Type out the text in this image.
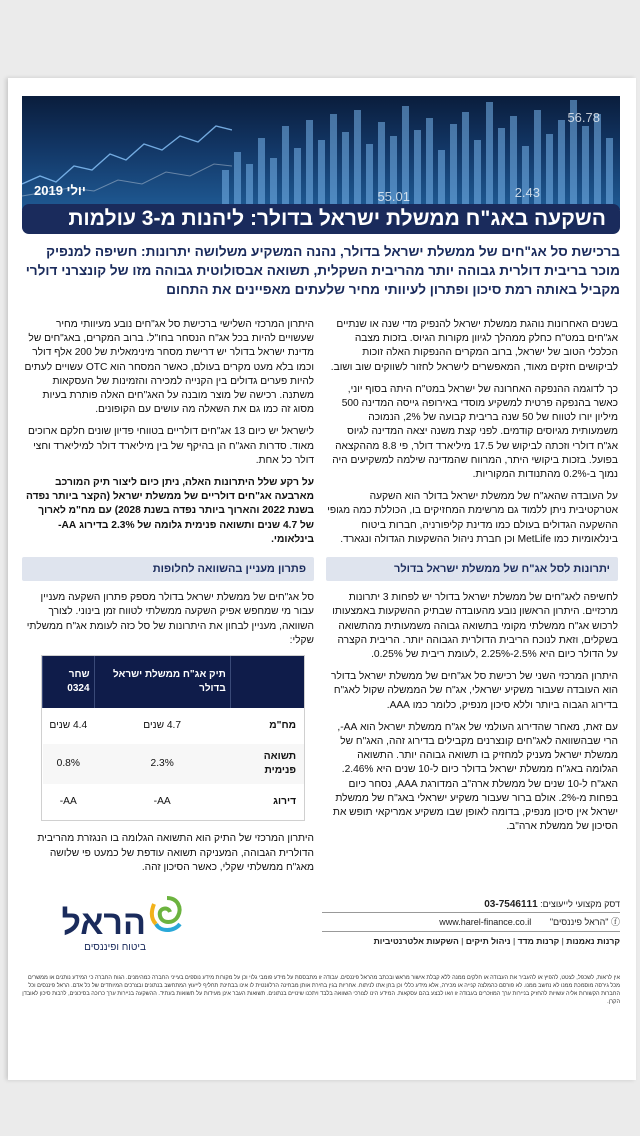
55.01	2.43
56.78
יולי 2019
השקעה באג"ח ממשלת ישראל בדולר: ליהנות מ-3 עולמות
ברכישת סל אג"חים של ממשלת ישראל בדולר, נהנה המשקיע משלושה יתרונות: חשיפה למנפיק מוכר בריבית דולרית גבוהה יותר מהריבית השקלית, תשואה אבסולוטית גבוהה מזו של קונצרני דולרי מקביל באותה רמת סיכון ופתרון לעיוותי מחיר שלעתים מאפיינים את התחום

בשנים האחרונות נוהגת ממשלת ישראל להנפיק מדי שנה או שנתיים אג"חים במט"ח כחלק ממהלך לגיוון מקורות הגיוס. בזכות מצבה הכלכלי הטוב של ישראל, ברוב המקרים ההנפקות האלה זוכות לביקושים חזקים מאוד, המאפשרים לישראל לחזור לשווקים שוב ושוב.

כך לדוגמה ההנפקה האחרונה של ישראל במט"ח היתה בסוף יוני, כאשר בהנפקה פרטית למשקיע מוסדי באירופה גייסה המדינה 500 מיליון יורו לטווח של 50 שנה בריבית קבועה של 2%, הנמוכה משמעותית מגיוסים קודמים. לפני קצת משנה יצאה המדינה לגיוס אג"ח דולרי וזכתה לביקוש של 17.5 מיליארד דולר, פי 8.8 מההקצאה בפועל. בזכות ביקושי היתר, המרווח שהמדינה שילמה למשקיעים היה נמוך ב-0.2% מהתנודות המקוריות.

על העובדה שהאג"ח של ממשלת ישראל בדולר הוא השקעה אטרקטיבית ניתן ללמוד גם מרשימת המחזיקים בו, הכוללת כמה מגופי ההשקעה הגדולים בעולם כמו מדינת קליפורניה, חברות ביטוח בינלאומיות כמו MetLife וכן חברת ניהול ההשקעות הגדולה ונגארד.

יתרונות לסל אג"ח של ממשלת ישראל בדולר

לחשיפה לאג"חים של ממשלת ישראל בדולר יש לפחות 3 יתרונות מרכזיים. היתרון הראשון נובע מהעובדה שבתיק ההשקעות באמצעותו לרכוש אג"ח ממשלתי מקומי בתשואה גבוהה משמעותית מהתשואה בשקלים, וזאת לנוכח הריבית הדולרית הגבוהה יותר. הריבית הקצרה על הדולר כיום היא 2.5%-2.25% ,לעומת ריבית של 0.25%.

היתרון המרכזי השני של רכישת סל אג"חים של ממשלת ישראל בדולר הוא העובדה שעבור משקיע ישראלי, אג"ח של הממשלה שקול לאג"ח בדירוג הגבוה ביותר וללא סיכון מנפיק, כלומר כמו AAA.

עם זאת, מאחר שהדירוג העולמי של אג"ח ממשלת ישראל הוא AA-, הרי שבהשוואה לאג"חים קונצרנים מקבילים בדירוג זהה, האג"ח של ממשלת ישראל מעניק למחזיק בו תשואה גבוהה יותר. התשואה הגלומה באג"ח ממשלת ישראל בדולר כיום ל-10 שנים היא 2.46%. האג"ח ל-10 שנים של ממשלת ארה"ב המדורגת AAA, נסחר כיום בפחות מ-2%. אולם ברור שעבור משקיע ישראלי באג"ח של ממשלת ישראל אין סיכון מנפיק, בדומה לאופן שבו משקיע אמריקאי תופש את הסיכון של ממשלת ארה"ב.

היתרון המרכזי השלישי ברכישת סל אג"חים נובע מעיוותי מחיר שעשויים להיות בכל אג"ח הנסחר בחו"ל. ברוב המקרים, באג"חים של מדינת ישראל בדולר יש דרישת מסחר מינימאלית של 200 אלף דולר וכמו בלא מעט מקרים בעולם, כאשר המסחר הוא OTC עשויים לעתים להיות פערים גדולים בין הקנייה למכירה והזמינות של העסקאות משתנה. רכישה של מוצר מובנה על האג"חים האלה פותרת בעיות מסוג זה כמו גם את השאלה מה עושים עם הקופונים.

לישראל יש כיום 13 אג"חים דולריים בטווחי פדיון שונים חלקם ארוכים מאוד. סדרות האג"ח הן בהיקף של בין מיליארד דולר למיליארד וחצי דולר כל אחת.

על רקע שלל היתרונות האלה, ניתן כיום ליצור תיק המורכב מארבעה אג"חים דולריים של ממשלת ישראל (הקצר ביותר נפדה בשנת 2022 והארוך ביותר נפדה בשנת 2028) עם מח"מ לארוך של 4.7 שנים ותשואה פנימית גלומה של 2.3% בדירוג AA- בינלאומי.

פתרון מעניין בהשוואה לחלופות

סל אג"חים של ממשלת ישראל בדולר מספק פתרון השקעה מעניין עבור מי שמחפש אפיק השקעה ממשלתי לטווח זמן בינוני. לצורך השוואה, מעניין לבחון את היתרונות של סל כזה לעומת אג"ח ממשלתי שקלי:

	תיק אג"ח ממשלת ישראל בדולר	שחר 0324
מח"מ	4.7 שנים	4.4 שנים
תשואה פנימית	2.3%	0.8%
דירוג	AA-	AA-

היתרון המרכזי של התיק הוא התשואה הגלומה בו הנגזרת מהריבית הדולרית הגבוהה, המעניקה תשואה עודפת של כמעט פי שלושה מאג"ח ממשלתי שקלי, כאשר הסיכון זהה.

דסק מקצועי לייעוצים: 03-7546111
ⓕ "הראל פיננסים" www.harel-finance.co.il
קרנות נאמנות | קרנות מדד | ניהול תיקים | השקעות אלטרנטיביות
הראל
ביטוח ופיננסים
אין לראות, לשכפל, לצטט, להפיץ או להעביר את העבודה או חלקים ממנה ללא קבלת אישור מראש ובכתב מהראל פיננסים. עבודה זו מתבססת על מידע פומבי גלוי וכן על מקורות מידע נוספים בעייני החברה כמהימנים. הגוח החברה כי המידע נותנים או ממשרים מכל גירסה מוסמכת ממנו לא נחשב ממנו. לא פורסם כהמלצה קנייה או מכירה, אלא מידע כללי וכן בחן אתו לניתוח. אחריות בגין בחירת אותן מבחינה הרלוונטית לו אינו בבחינת תחליף לייעוץ המתחשב בנתונים ובצרכים המיוחדים של כל אדם. הראל פיננסים וכל החברות הקשורות אליה עשויות להחזיק בניירות ערך המוזכרים בעבודה זו ו/או לבצע בהם עסקאות. המידע הינו לצורכי השוואה בלבד ויתכנו שינויים בנתונים. תשואות העבר אינן מעידות על תשואות בעתיד. ההשקעה בניירות ערך כרוכה בסיכונים, לרבות סיכון לאובדן הקרן.
